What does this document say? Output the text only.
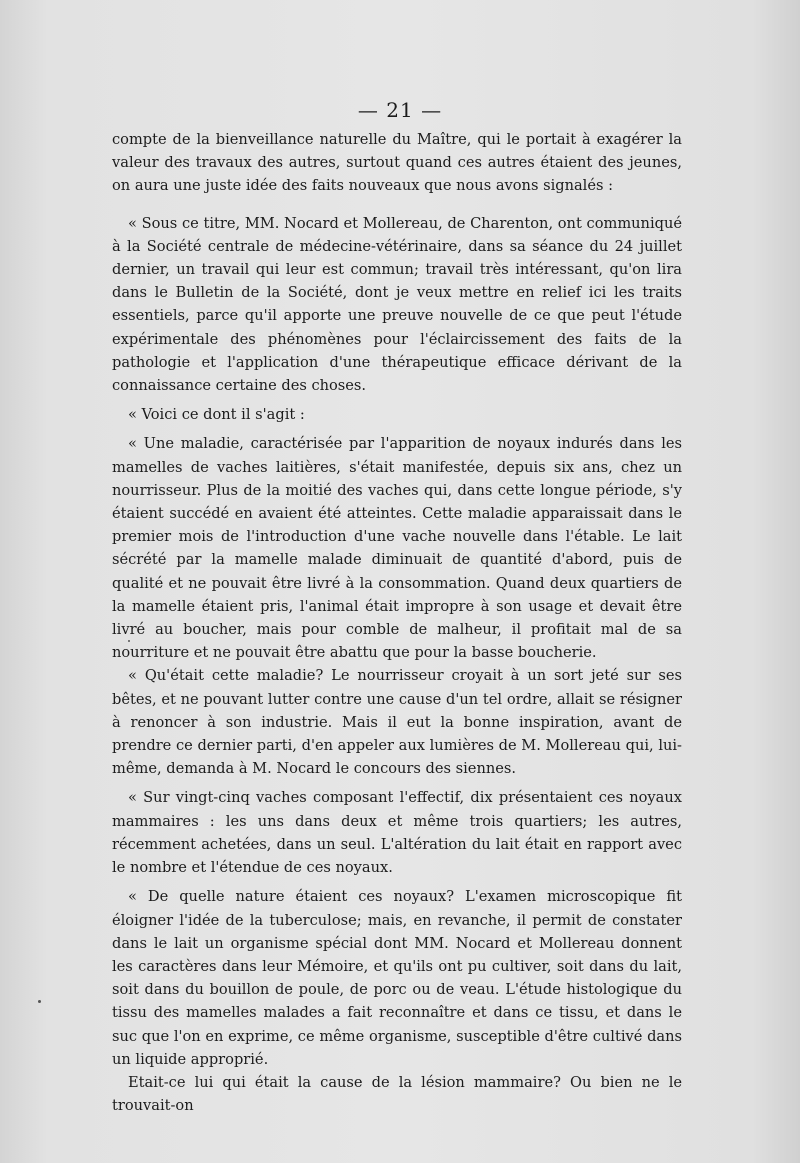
— 21 —

compte de la bienveillance naturelle du Maître, qui le portait à exagérer la valeur des travaux des autres, surtout quand ces autres étaient des jeunes, on aura une juste idée des faits nouveaux que nous avons signalés :

« Sous ce titre, MM. Nocard et Mollereau, de Charenton, ont communiqué à la Société centrale de médecine-vétérinaire, dans sa séance du 24 juillet dernier, un travail qui leur est commun; travail très intéressant, qu'on lira dans le Bulletin de la Société, dont je veux mettre en relief ici les traits essentiels, parce qu'il apporte une preuve nouvelle de ce que peut l'étude expérimentale des phénomènes pour l'éclaircissement des faits de la pathologie et l'application d'une thérapeutique efficace dérivant de la connaissance certaine des choses.

« Voici ce dont il s'agit :

« Une maladie, caractérisée par l'apparition de noyaux indurés dans les mamelles de vaches laitières, s'était manifestée, depuis six ans, chez un nourrisseur. Plus de la moitié des vaches qui, dans cette longue période, s'y étaient succédé en avaient été atteintes. Cette maladie apparaissait dans le premier mois de l'introduction d'une vache nouvelle dans l'étable. Le lait sécrété par la mamelle malade diminuait de quantité d'abord, puis de qualité et ne pouvait être livré à la consommation. Quand deux quartiers de la mamelle étaient pris, l'animal était impropre à son usage et devait être livré au boucher, mais pour comble de malheur, il profitait mal de sa nourriture et ne pouvait être abattu que pour la basse boucherie.

« Qu'était cette maladie? Le nourrisseur croyait à un sort jeté sur ses bêtes, et ne pouvant lutter contre une cause d'un tel ordre, allait se résigner à renoncer à son industrie. Mais il eut la bonne inspiration, avant de prendre ce dernier parti, d'en appeler aux lumières de M. Mollereau qui, lui-même, demanda à M. Nocard le concours des siennes.

« Sur vingt-cinq vaches composant l'effectif, dix présentaient ces noyaux mammaires : les uns dans deux et même trois quartiers; les autres, récemment achetées, dans un seul. L'altération du lait était en rapport avec le nombre et l'étendue de ces noyaux.

« De quelle nature étaient ces noyaux? L'examen microscopique fit éloigner l'idée de la tuberculose; mais, en revanche, il permit de constater dans le lait un organisme spécial dont MM. Nocard et Mollereau donnent les caractères dans leur Mémoire, et qu'ils ont pu cultiver, soit dans du lait, soit dans du bouillon de poule, de porc ou de veau. L'étude histologique du tissu des mamelles malades a fait reconnaître et dans ce tissu, et dans le suc que l'on en exprime, ce même organisme, susceptible d'être cultivé dans un liquide approprié.

Etait-ce lui qui était la cause de la lésion mammaire? Ou bien ne le trouvait-on
